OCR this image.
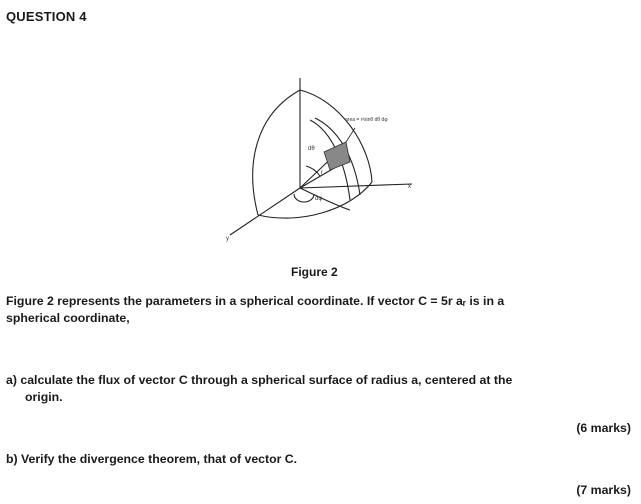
QUESTION 4
area = r²sinθ dθ dφ
x
y
dθ
dφ
r
Figure 2
Figure 2 represents the parameters in a spherical coordinate. If vector C = 5r aᵣ is in a
spherical coordinate,
a) calculate the flux of vector C through a spherical surface of radius a, centered at the
origin.
(6 marks)
b) Verify the divergence theorem, that of vector C.
(7 marks)
